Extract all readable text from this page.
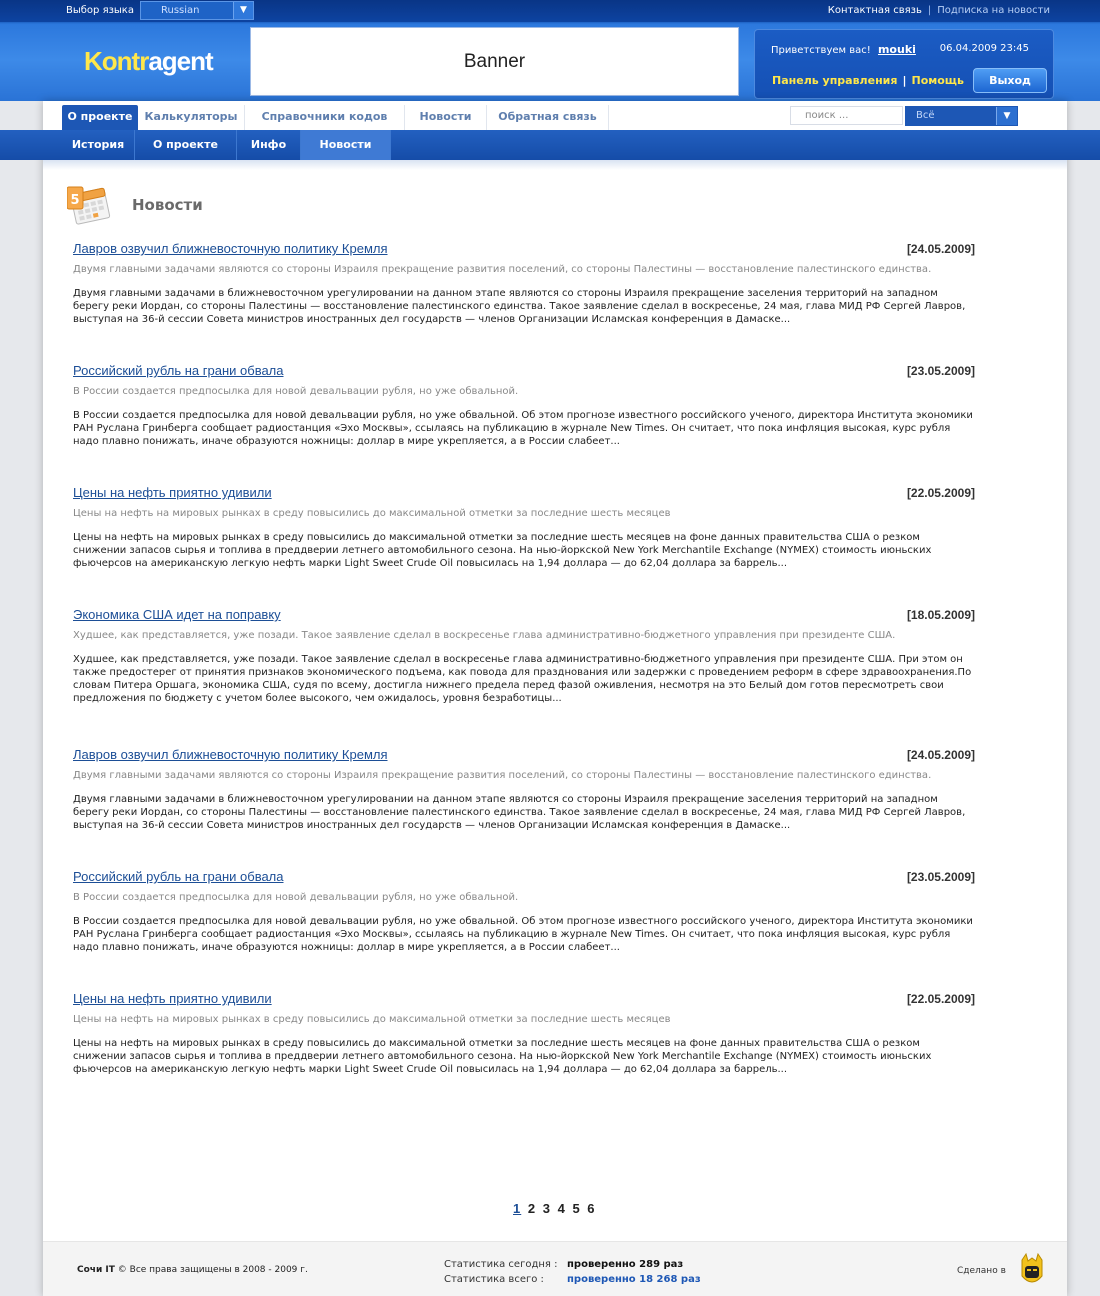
Выбор языка	Russian	▼	Контактная связь | Подписка на новости
Kontragent	Banner
Приветствуем вас! mouki 06.04.2009 23:45
Панель управления | Помощь	Выход
О проекте	Калькуляторы	Справочники кодов	Новости	Обратная связь	поиск ...	Всё	▼
История	О проекте	Инфо	Новости
5	Новости
Лавров озвучил ближневосточную политику Кремля	[24.05.2009]
Двумя главными задачами являются со стороны Израиля прекращение развития поселений, со стороны Палестины — восстановление палестинского единства.
Двумя главными задачами в ближневосточном урегулировании на данном этапе являются со стороны Израиля прекращение заселения территорий на западном берегу реки Иордан, со стороны Палестины — восстановление палестинского единства. Такое заявление сделал в воскресенье, 24 мая, глава МИД РФ Сергей Лавров, выступая на 36-й сессии Совета министров иностранных дел государств — членов Организации Исламская конференция в Дамаске...
Российский рубль на грани обвала	[23.05.2009]
В России создается предпосылка для новой девальвации рубля, но уже обвальной.
В России создается предпосылка для новой девальвации рубля, но уже обвальной. Об этом прогнозе известного российского ученого, директора Института экономики РАН Руслана Гринберга сообщает радиостанция «Эхо Москвы», ссылаясь на публикацию в журнале New Times. Он считает, что пока инфляция высокая, курс рубля надо плавно понижать, иначе образуются ножницы: доллар в мире укрепляется, а в России слабеет...
Цены на нефть приятно удивили	[22.05.2009]
Цены на нефть на мировых рынках в среду повысились до максимальной отметки за последние шесть месяцев
Цены на нефть на мировых рынках в среду повысились до максимальной отметки за последние шесть месяцев на фоне данных правительства США о резком снижении запасов сырья и топлива в преддверии летнего автомобильного сезона. На нью-йоркской New York Merchantile Exchange (NYMEX) стоимость июньских фьючерсов на американскую легкую нефть марки Light Sweet Crude Oil повысилась на 1,94 доллара — до 62,04 доллара за баррель...
Экономика США идет на поправку	[18.05.2009]
Худшее, как представляется, уже позади. Такое заявление сделал в воскресенье глава административно-бюджетного управления при президенте США.
Худшее, как представляется, уже позади. Такое заявление сделал в воскресенье глава административно-бюджетного управления при президенте США. При этом он также предостерег от принятия признаков экономического подъема, как повода для празднования или задержки с проведением реформ в сфере здравоохранения.По словам Питера Оршага, экономика США, судя по всему, достигла нижнего предела перед фазой оживления, несмотря на это Белый дом готов пересмотреть свои предложения по бюджету с учетом более высокого, чем ожидалось, уровня безработицы...
Лавров озвучил ближневосточную политику Кремля	[24.05.2009]
Двумя главными задачами являются со стороны Израиля прекращение развития поселений, со стороны Палестины — восстановление палестинского единства.
Двумя главными задачами в ближневосточном урегулировании на данном этапе являются со стороны Израиля прекращение заселения территорий на западном берегу реки Иордан, со стороны Палестины — восстановление палестинского единства. Такое заявление сделал в воскресенье, 24 мая, глава МИД РФ Сергей Лавров, выступая на 36-й сессии Совета министров иностранных дел государств — членов Организации Исламская конференция в Дамаске...
Российский рубль на грани обвала	[23.05.2009]
В России создается предпосылка для новой девальвации рубля, но уже обвальной.
В России создается предпосылка для новой девальвации рубля, но уже обвальной. Об этом прогнозе известного российского ученого, директора Института экономики РАН Руслана Гринберга сообщает радиостанция «Эхо Москвы», ссылаясь на публикацию в журнале New Times. Он считает, что пока инфляция высокая, курс рубля надо плавно понижать, иначе образуются ножницы: доллар в мире укрепляется, а в России слабеет...
Цены на нефть приятно удивили	[22.05.2009]
Цены на нефть на мировых рынках в среду повысились до максимальной отметки за последние шесть месяцев
Цены на нефть на мировых рынках в среду повысились до максимальной отметки за последние шесть месяцев на фоне данных правительства США о резком снижении запасов сырья и топлива в преддверии летнего автомобильного сезона. На нью-йоркской New York Merchantile Exchange (NYMEX) стоимость июньских фьючерсов на американскую легкую нефть марки Light Sweet Crude Oil повысилась на 1,94 доллара — до 62,04 доллара за баррель...
1 2 3 4 5 6
Сочи IT © Все права защищены в 2008 - 2009 г.	Статистика сегодня : проверенно 289 раз
Статистика всего : проверенно 18 268 раз
Сделано в
